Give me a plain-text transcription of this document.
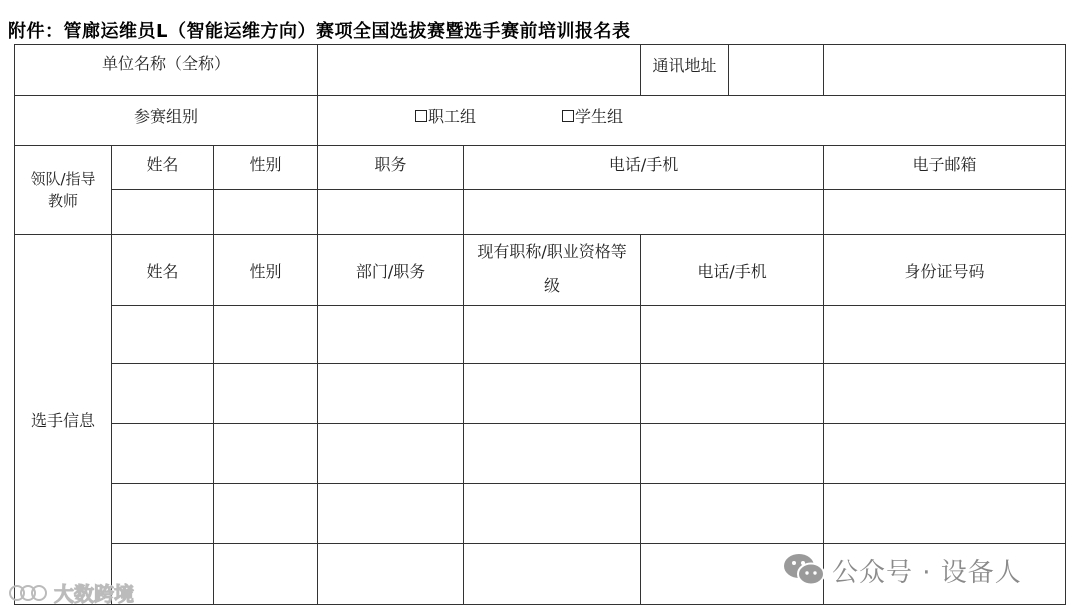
附件：管廊运维员L（智能运维方向）赛项全国选拔赛暨选手赛前培训报名表
单位名称（全称）					通讯地址	

参赛组别			职工组 学生组			

领队/指导教师	姓名	性别	职务	电话/手机		电子邮箱

选手信息	姓名	性别	部门/职务	现有职称/职业资格等级	电话/手机	身份证号码

大数跨境
公众号 · 设备人
